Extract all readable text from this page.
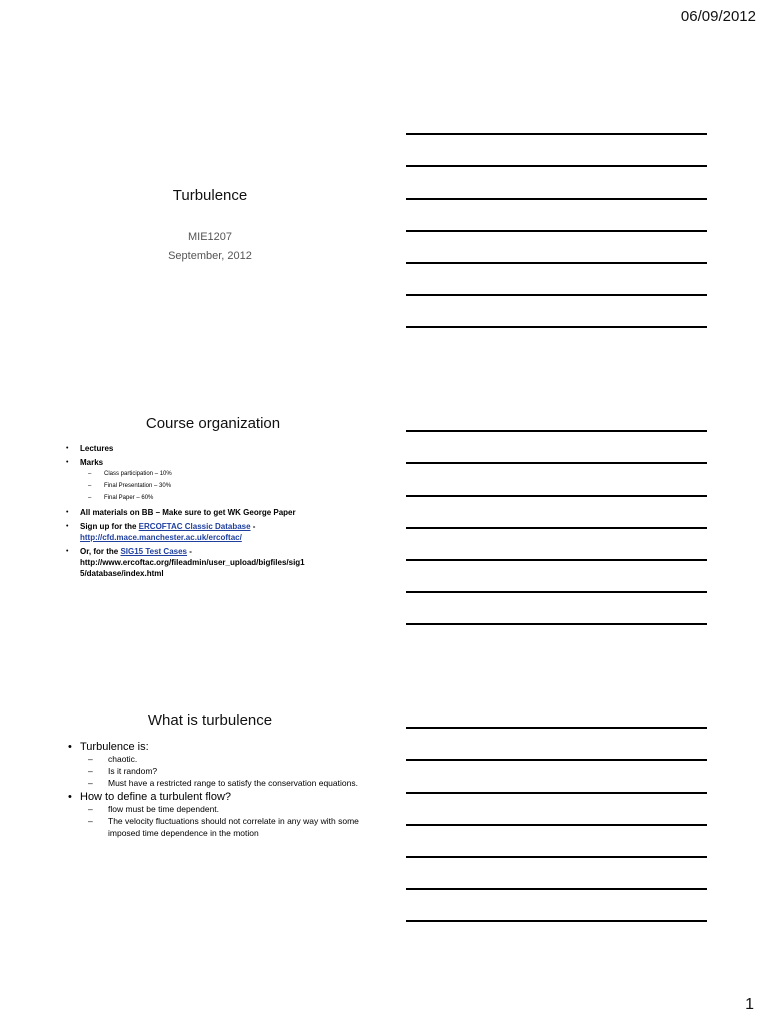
06/09/2012
Turbulence
MIE1207
September, 2012
Course organization
• Lectures
• Marks
– Class participation – 10%
– Final Presentation – 30%
– Final Paper – 60%
• All materials on BB – Make sure to get WK George Paper
• Sign up for the ERCOFTAC Classic Database -
http://cfd.mace.manchester.ac.uk/ercoftac/
• Or, for the SIG15 Test Cases -
http://www.ercoftac.org/fileadmin/user_upload/bigfiles/sig1
5/database/index.html
What is turbulence
• Turbulence is:
– chaotic.
– Is it random?
– Must have a restricted range to satisfy the conservation equations.
• How to define a turbulent flow?
– flow must be time dependent.
– The velocity fluctuations should not correlate in any way with some imposed time dependence in the motion
1
